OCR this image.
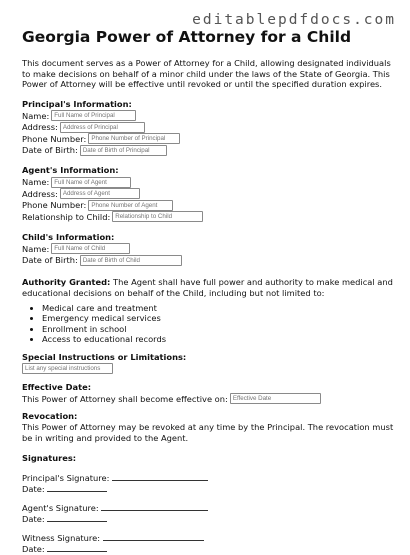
editablepdfdocs.com
Georgia Power of Attorney for a Child

This document serves as a Power of Attorney for a Child, allowing designated individuals to make decisions on behalf of a minor child under the laws of the State of Georgia. This Power of Attorney will be effective until revoked or until the specified duration expires.

Principal's Information:
Name:
Full Name of Principal
Address:
Address of Principal
Phone Number:
Phone Number of Principal
Date of Birth:
Date of Birth of Principal
Agent's Information:
Name:
Full Name of Agent
Address:
Address of Agent
Phone Number:
Phone Number of Agent
Relationship to Child:
Relationship to Child
Child's Information:
Name:
Full Name of Child
Date of Birth:
Date of Birth of Child

Authority Granted: The Agent shall have full power and authority to make medical and educational decisions on behalf of the Child, including but not limited to:

• Medical care and treatment
• Emergency medical services
• Enrollment in school
• Access to educational records
Special Instructions or Limitations:
List any special instructions
Effective Date:
This Power of Attorney shall become effective on:
Effective Date
Revocation:

This Power of Attorney may be revoked at any time by the Principal. The revocation must be in writing and provided to the Agent.

Signatures:
Principal's Signature:
Date:
Agent's Signature:
Date:
Witness Signature:
Date:
